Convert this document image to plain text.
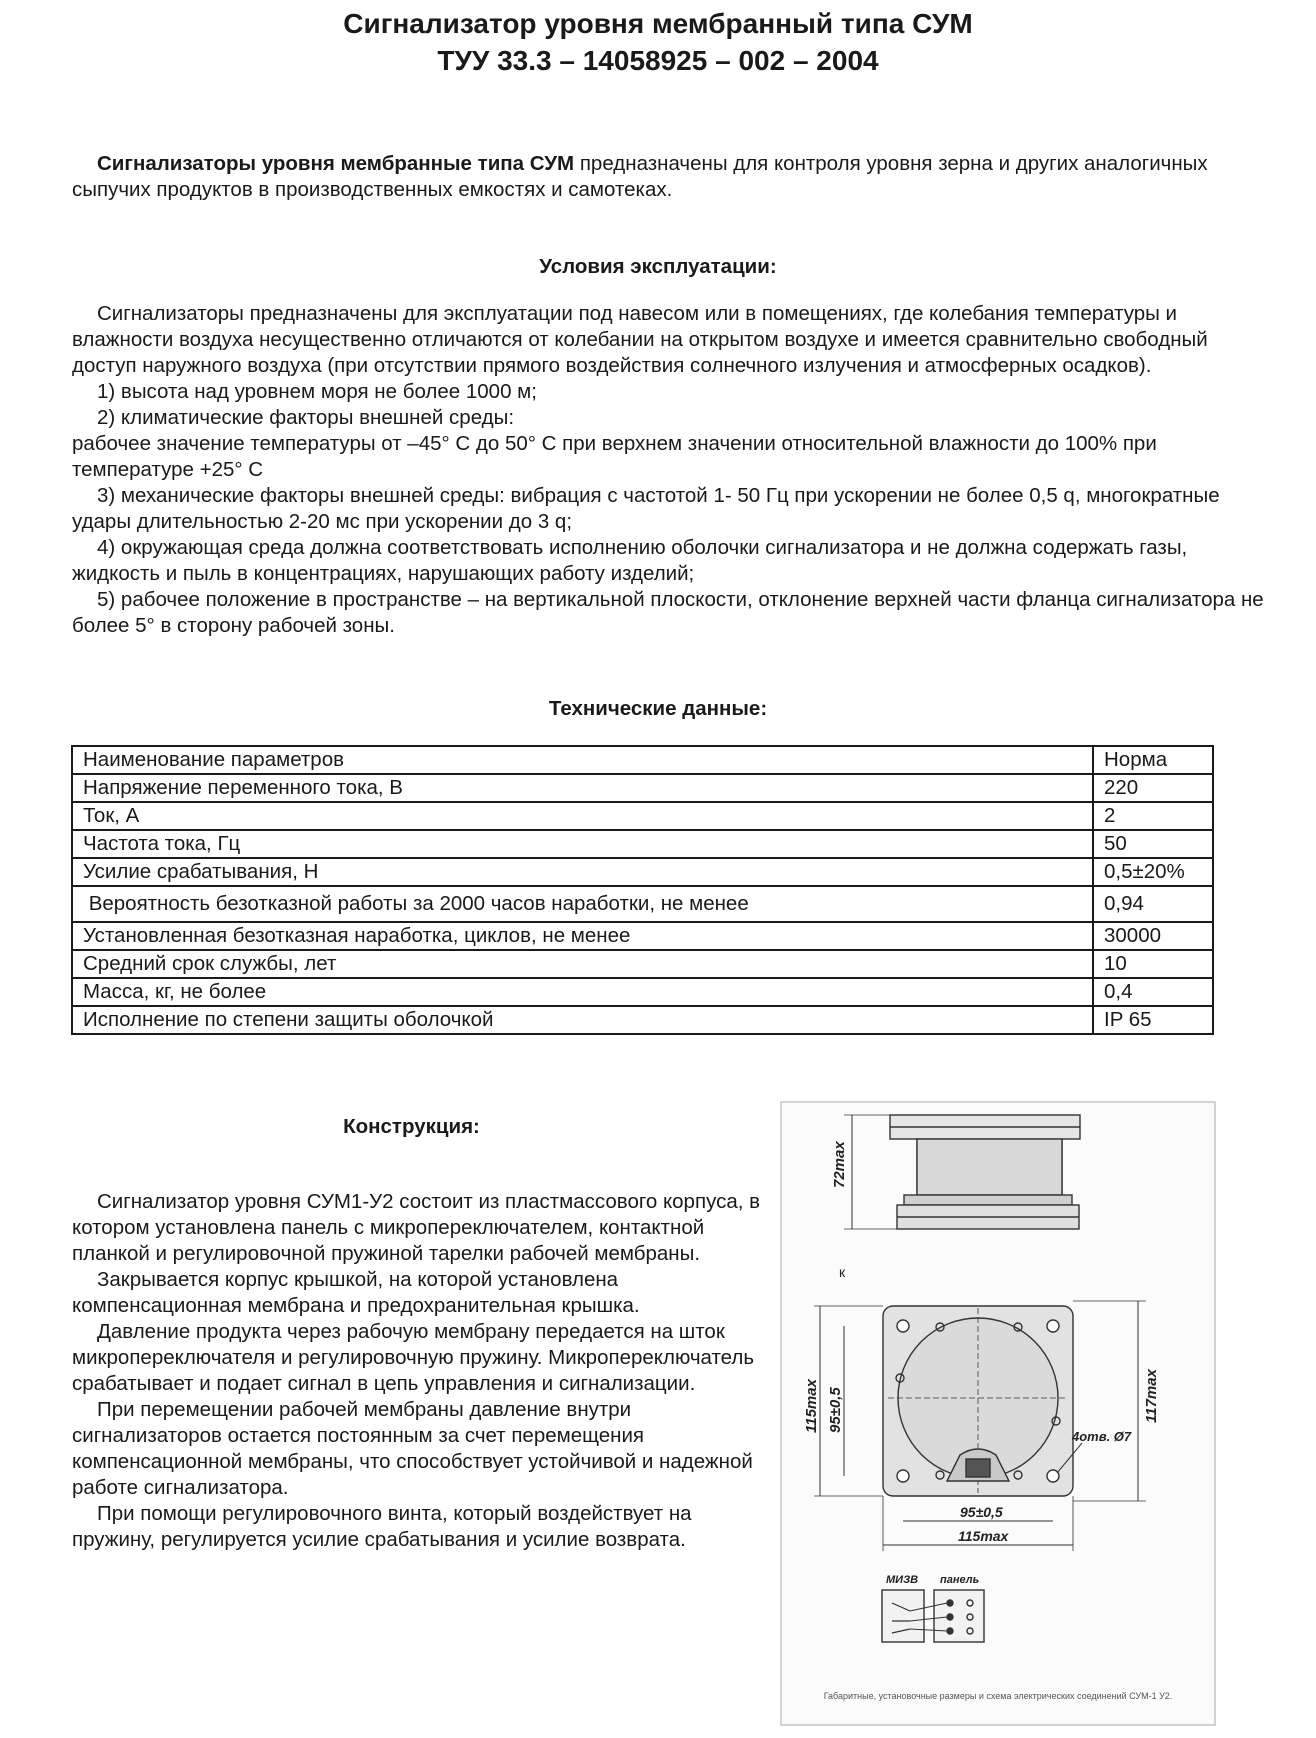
Сигнализатор уровня мембранный типа СУМ
ТУУ 33.3 – 14058925 – 002 – 2004

Сигнализаторы уровня мембранные типа СУМ предназначены для контроля уровня зерна и других аналогичных сыпучих продуктов в производственных емкостях и самотеках.

Условия эксплуатации:

Сигнализаторы предназначены для эксплуатации под навесом или в помещениях, где колебания температуры и влажности воздуха несущественно отличаются от колебании на открытом воздухе и имеется сравнительно свободный доступ наружного воздуха (при отсутствии прямого воздействия солнечного излучения и атмосферных осадков).

1) высота над уровнем моря не более 1000 м;

2) климатические факторы внешней среды:

рабочее значение температуры от –45° С до 50° С при верхнем значении относительной влажности до 100% при температуре +25° С

3) механические факторы внешней среды: вибрация с частотой 1- 50 Гц при ускорении не более 0,5 q, многократные удары длительностью 2-20 мс при ускорении до 3 q;

4) окружающая среда должна соответствовать исполнению оболочки сигнализатора и не должна содержать газы, жидкость и пыль в концентрациях, нарушающих работу изделий;

5) рабочее положение в пространстве – на вертикальной плоскости, отклонение верхней части фланца сигнализатора не более 5° в сторону рабочей зоны.

Технические данные:
Наименование параметров	Норма
Напряжение переменного тока, В	220
Ток, А	2
Частота тока, Гц	50
Усилие срабатывания, Н	0,5±20%
Вероятность безотказной работы за 2000 часов наработки, не менее	0,94
Установленная безотказная наработка, циклов, не менее	30000
Средний срок службы, лет	10
Масса, кг, не более	0,4
Исполнение по степени защиты оболочкой	IP 65
Конструкция:

Сигнализатор уровня СУМ1-У2 состоит из пластмассового корпуса, в котором установлена панель с микропереключателем, контактной планкой и регулировочной пружиной тарелки рабочей мембраны.

Закрывается корпус крышкой, на которой установлена компенсационная мембрана и предохранительная крышка.

Давление продукта через рабочую мембрану передается на шток микропереключателя и регулировочную пружину. Микропереключатель срабатывает и подает сигнал в цепь управления и сигнализации.

При перемещении рабочей мембраны давление внутри сигнализаторов остается постоянным за счет перемещения компенсационной мембраны, что способствует устойчивой и надежной работе сигнализатора.

При помощи регулировочного винта, который воздействует на пружину, регулируется усилие срабатывания и усилие возврата.

72max
к
115max 95±0,5	117max
4отв. Ø7
95±0,5
115max
МИЗВ панель
Габаритные, установочные размеры и схема электрических соединений СУМ-1 У2.
